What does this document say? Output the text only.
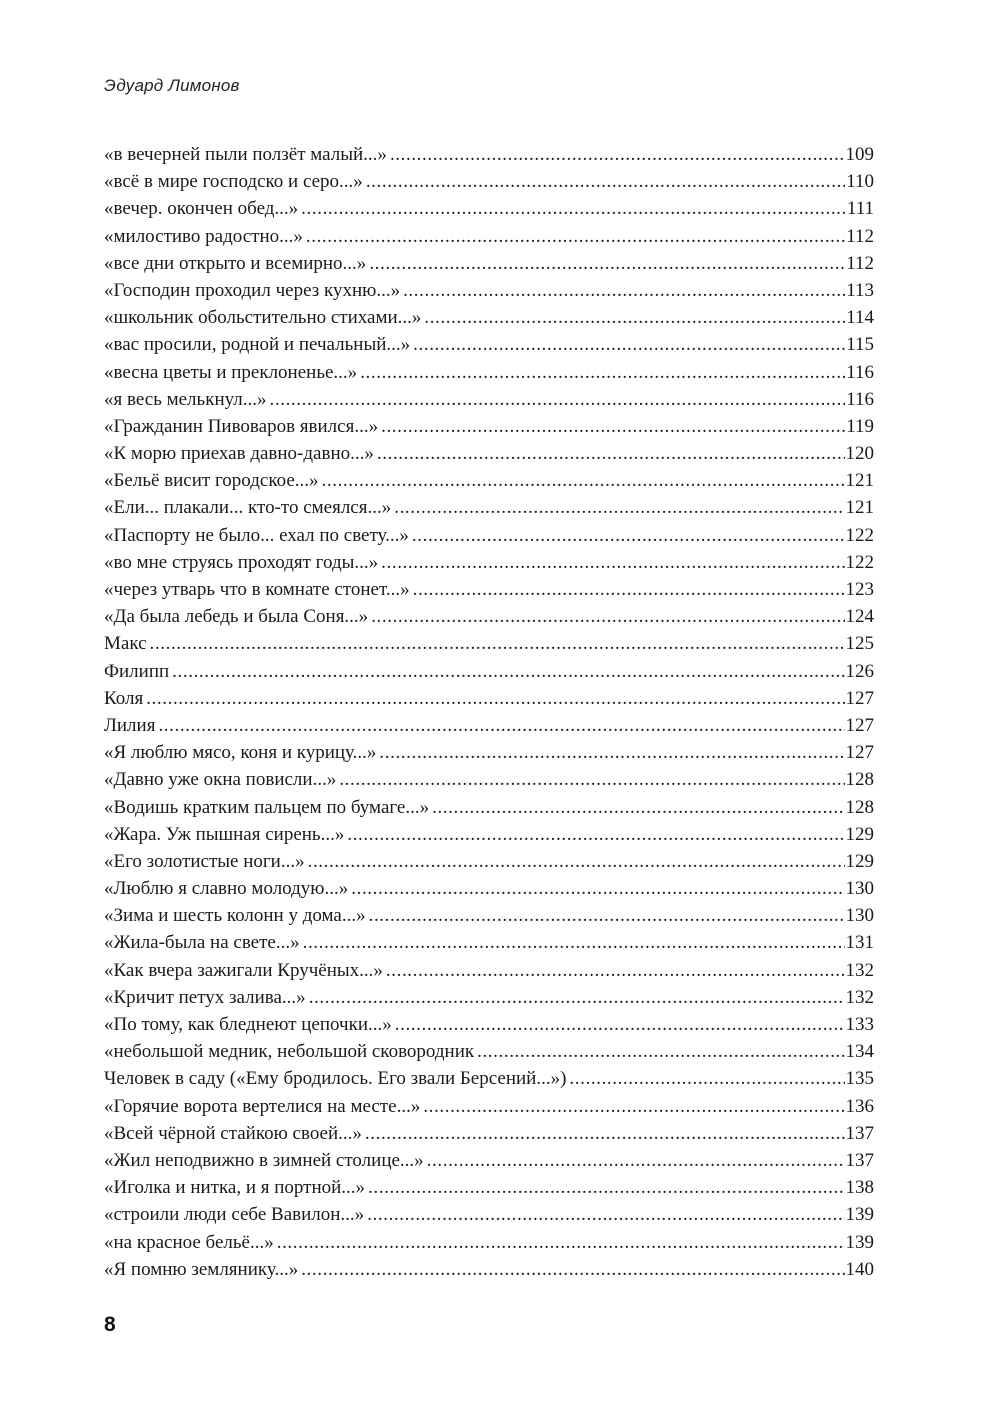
Эдуард Лимонов
«в вечерней пыли ползёт малый...» .....	109
«всё в мире господско и серо...» .....	110
«вечер. окончен обед...» .....	111
«милостиво радостно...» .....	112
«все дни открыто и всемирно...» .....	112
«Господин проходил через кухню...» .....	113
«школьник обольстительно стихами...» .....	114
«вас просили, родной и печальный...» .....	115
«весна цветы и преклоненье...» .....	116
«я весь мелькнул...» .....	116
«Гражданин Пивоваров явился...» .....	119
«К морю приехав давно-давно...» .....	120
«Бельё висит городское...» .....	121
«Ели... плакали... кто-то смеялся...» .....	121
«Паспорту не было... ехал по свету...» .....	122
«во мне струясь проходят годы...» .....	122
«через утварь что в комнате стонет...» .....	123
«Да была лебедь и была Соня...» .....	124
Макс .....	125
Филипп .....	126
Коля .....	127
Лилия .....	127
«Я люблю мясо, коня и курицу...» .....	127
«Давно уже окна повисли...» .....	128
«Водишь кратким пальцем по бумаге...» .....	128
«Жара. Уж пышная сирень...» .....	129
«Его золотистые ноги...» .....	129
«Люблю я славно молодую...» .....	130
«Зима и шесть колонн у дома...» .....	130
«Жила-была на свете...» .....	131
«Как вчера зажигали Кручёных...» .....	132
«Кричит петух залива...» .....	132
«По тому, как бледнеют цепочки...» .....	133
«небольшой медник, небольшой сковородник .....	134
Человек в саду («Ему бродилось. Его звали Берсений...») .....	135
«Горячие ворота вертелися на месте...» .....	136
«Всей чёрной стайкою своей...» .....	137
«Жил неподвижно в зимней столице...» .....	137
«Иголка и нитка, и я портной...» .....	138
«строили люди себе Вавилон...» .....	139
«на красное бельё...» .....	139
«Я помню землянику...» .....	140
8
